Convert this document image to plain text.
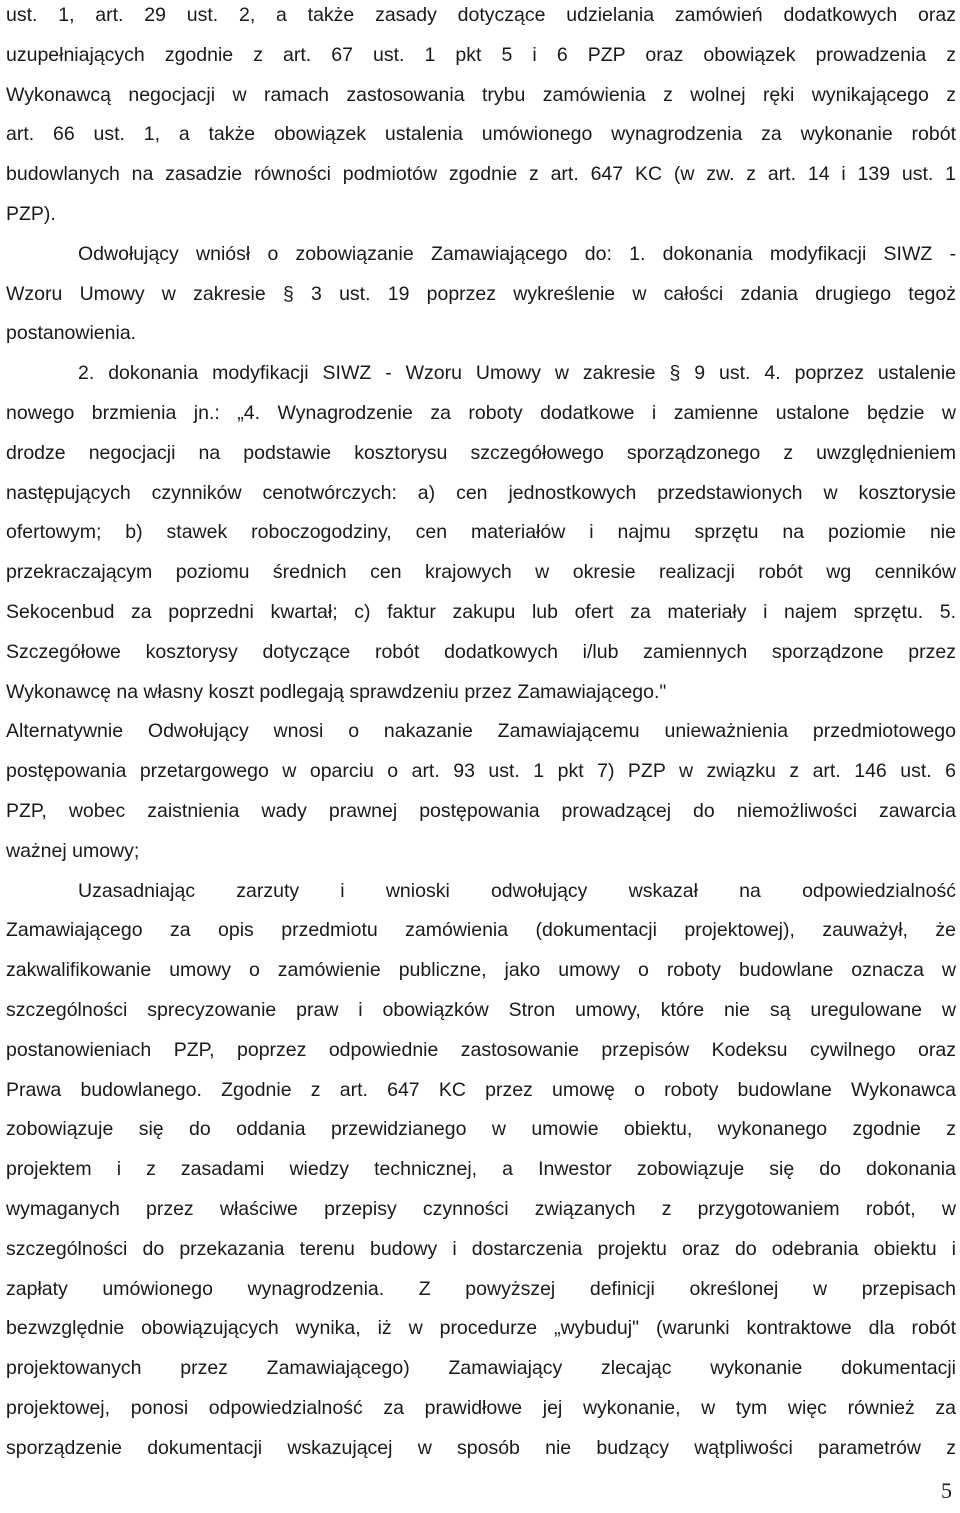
ust. 1, art. 29 ust. 2, a także zasady dotyczące udzielania zamówień dodatkowych oraz
uzupełniających zgodnie z art. 67 ust. 1 pkt 5 i 6 PZP oraz obowiązek prowadzenia z
Wykonawcą negocjacji w ramach zastosowania trybu zamówienia z wolnej ręki wynikającego z
art. 66 ust. 1, a także obowiązek ustalenia umówionego wynagrodzenia za wykonanie robót
budowlanych na zasadzie równości podmiotów zgodnie z art. 647 KC (w zw. z art. 14 i 139 ust. 1
PZP).
Odwołujący wniósł o zobowiązanie Zamawiającego do: 1. dokonania modyfikacji SIWZ -
Wzoru Umowy w zakresie § 3 ust. 19 poprzez wykreślenie w całości zdania drugiego tegoż
postanowienia.
2. dokonania modyfikacji SIWZ - Wzoru Umowy w zakresie § 9 ust. 4. poprzez ustalenie
nowego brzmienia jn.: „4. Wynagrodzenie za roboty dodatkowe i zamienne ustalone będzie w
drodze negocjacji na podstawie kosztorysu szczegółowego sporządzonego z uwzględnieniem
następujących czynników cenotwórczych: a) cen jednostkowych przedstawionych w kosztorysie
ofertowym; b) stawek roboczogodziny, cen materiałów i najmu sprzętu na poziomie nie
przekraczającym poziomu średnich cen krajowych w okresie realizacji robót wg cenników
Sekocenbud za poprzedni kwartał; c) faktur zakupu lub ofert za materiały i najem sprzętu. 5.
Szczegółowe kosztorysy dotyczące robót dodatkowych i/lub zamiennych sporządzone przez
Wykonawcę na własny koszt podlegają sprawdzeniu przez Zamawiającego."
Alternatywnie Odwołujący wnosi o nakazanie Zamawiającemu unieważnienia przedmiotowego
postępowania przetargowego w oparciu o art. 93 ust. 1 pkt 7) PZP w związku z art. 146 ust. 6
PZP, wobec zaistnienia wady prawnej postępowania prowadzącej do niemożliwości zawarcia
ważnej umowy;
Uzasadniając zarzuty i wnioski odwołujący wskazał na odpowiedzialność
Zamawiającego za opis przedmiotu zamówienia (dokumentacji projektowej), zauważył, że
zakwalifikowanie umowy o zamówienie publiczne, jako umowy o roboty budowlane oznacza w
szczególności sprecyzowanie praw i obowiązków Stron umowy, które nie są uregulowane w
postanowieniach PZP, poprzez odpowiednie zastosowanie przepisów Kodeksu cywilnego oraz
Prawa budowlanego. Zgodnie z art. 647 KC przez umowę o roboty budowlane Wykonawca
zobowiązuje się do oddania przewidzianego w umowie obiektu, wykonanego zgodnie z
projektem i z zasadami wiedzy technicznej, a Inwestor zobowiązuje się do dokonania
wymaganych przez właściwe przepisy czynności związanych z przygotowaniem robót, w
szczególności do przekazania terenu budowy i dostarczenia projektu oraz do odebrania obiektu i
zapłaty umówionego wynagrodzenia. Z powyższej definicji określonej w przepisach
bezwzględnie obowiązujących wynika, iż w procedurze „wybuduj" (warunki kontraktowe dla robót
projektowanych przez Zamawiającego) Zamawiający zlecając wykonanie dokumentacji
projektowej, ponosi odpowiedzialność za prawidłowe jej wykonanie, w tym więc również za
sporządzenie dokumentacji wskazującej w sposób nie budzący wątpliwości parametrów z
5
